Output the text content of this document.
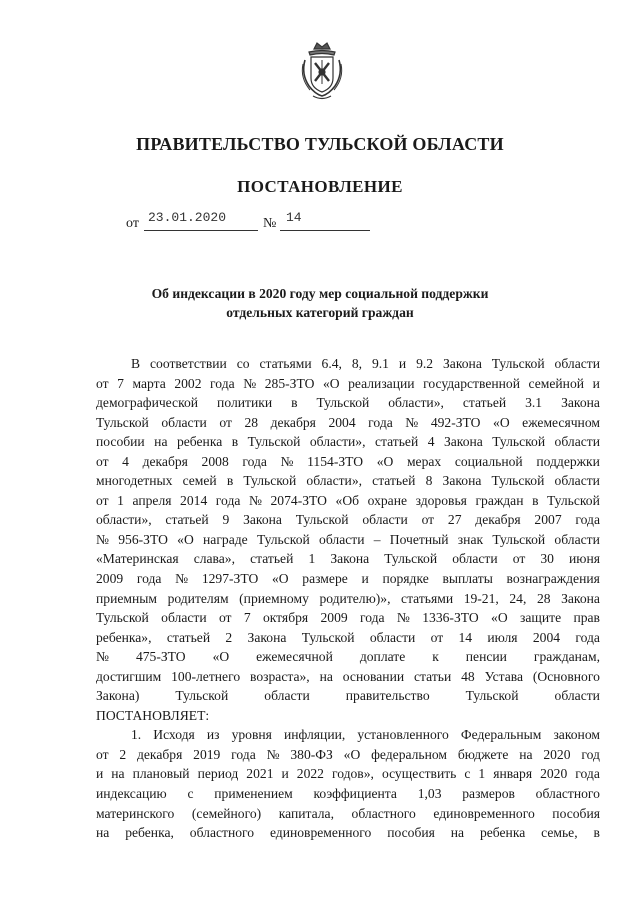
ПРАВИТЕЛЬСТВО ТУЛЬСКОЙ ОБЛАСТИ
ПОСТАНОВЛЕНИЕ
от 23.01.2020	№ 14
Об индексации в 2020 году мер социальной поддержки
отдельных категорий граждан
В соответствии со статьями 6.4, 8, 9.1 и 9.2 Закона Тульской области
от 7 марта 2002 года № 285-ЗТО «О реализации государственной семейной и
демографической политики в Тульской области», статьей 3.1 Закона
Тульской области от 28 декабря 2004 года № 492-ЗТО «О ежемесячном
пособии на ребенка в Тульской области», статьей 4 Закона Тульской области
от 4 декабря 2008 года № 1154-ЗТО «О мерах социальной поддержки
многодетных семей в Тульской области», статьей 8 Закона Тульской области
от 1 апреля 2014 года № 2074-ЗТО «Об охране здоровья граждан в Тульской
области», статьей 9 Закона Тульской области от 27 декабря 2007 года
№ 956-ЗТО «О награде Тульской области – Почетный знак Тульской области
«Материнская слава», статьей 1 Закона Тульской области от 30 июня
2009 года № 1297-ЗТО «О размере и порядке выплаты вознаграждения
приемным родителям (приемному родителю)», статьями 19-21, 24, 28 Закона
Тульской области от 7 октября 2009 года № 1336-ЗТО «О защите прав
ребенка», статьей 2 Закона Тульской области от 14 июля 2004 года
№ 475-ЗТО «О ежемесячной доплате к пенсии гражданам,
достигшим 100-летнего возраста», на основании статьи 48 Устава (Основного
Закона)	Тульской	области	правительство	Тульской	области
ПОСТАНОВЛЯЕТ:
1. Исходя из уровня инфляции, установленного Федеральным законом
от 2 декабря 2019 года № 380-ФЗ «О федеральном бюджете на 2020 год
и на плановый период 2021 и 2022 годов», осуществить с 1 января 2020 года
индексацию с применением коэффициента 1,03 размеров областного
материнского (семейного) капитала, областного единовременного пособия
на ребенка, областного единовременного пособия на ребенка семье, в
